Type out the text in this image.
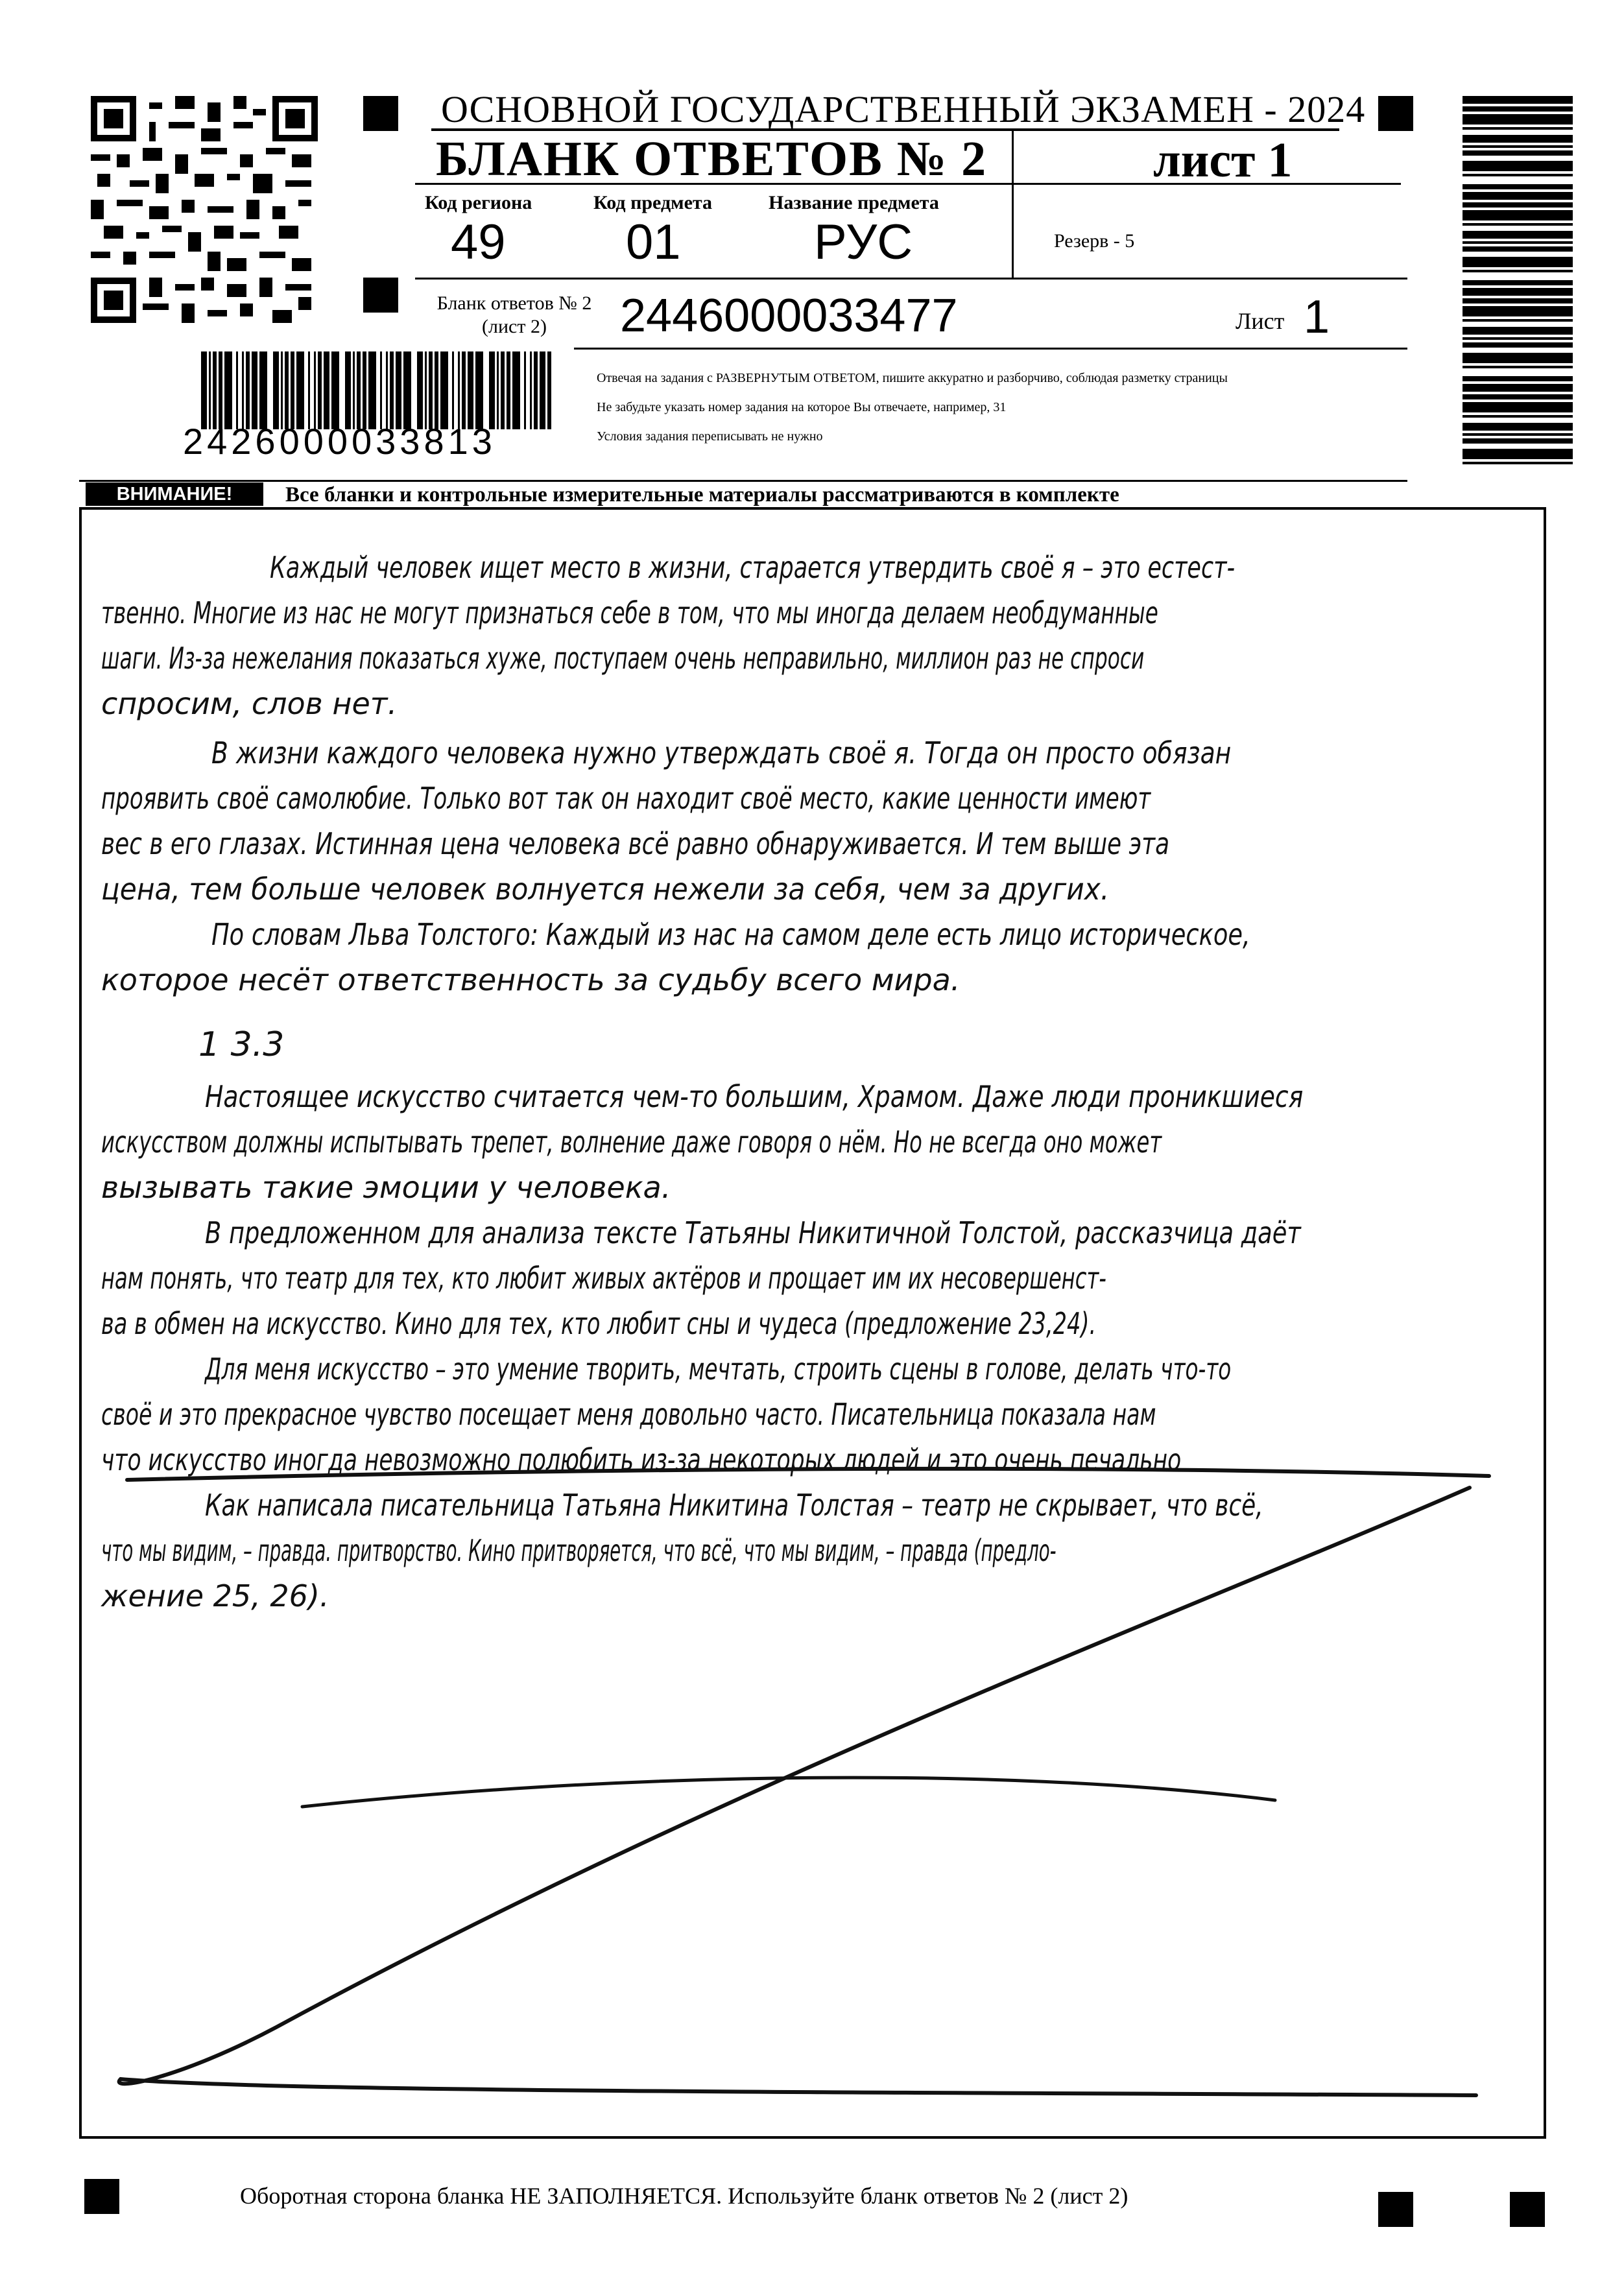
ОСНОВНОЙ ГОСУДАРСТВЕННЫЙ ЭКЗАМЕН - 2024
БЛАНК ОТВЕТОВ № 2	лист 1
Код региона
49
Код предмета
01
Название предмета
РУС	Резерв - 5
Бланк ответов № 2
(лист 2)	2446000033477	Лист 1
Отвечая на задания с РАЗВЕРНУТЫМ ОТВЕТОМ, пишите аккуратно и разборчиво, соблюдая разметку страницы
Не забудьте указать номер задания на которое Вы отвечаете, например, 31
Условия задания переписывать не нужно
2426000033813
ВНИМАНИЕ!	Все бланки и контрольные измерительные материалы рассматриваются в комплекте
Каждый человек ищет место в жизни, старается утвердить своё я – это естест-
твенно. Многие из нас не могут признаться себе в том, что мы иногда делаем необдуманные
шаги. Из-за нежелания показаться хуже, поступаем очень неправильно, миллион раз не спроси
спросим, слов нет.
В жизни каждого человека нужно утверждать своё я. Тогда он просто обязан
проявить своё самолюбие. Только вот так он находит своё место, какие ценности имеют
вес в его глазах. Истинная цена человека всё равно обнаруживается. И тем выше эта
цена, тем больше человек волнуется нежели за себя, чем за других.
По словам Льва Толстого: Каждый из нас на самом деле есть лицо историческое,
которое несёт ответственность за судьбу всего мира.
1 3.3
Настоящее искусство считается чем-то большим, Храмом. Даже люди проникшиеся
искусством должны испытывать трепет, волнение даже говоря о нём. Но не всегда оно может
вызывать такие эмоции у человека.
В предложенном для анализа тексте Татьяны Никитичной Толстой, рассказчица даёт
нам понять, что театр для тех, кто любит живых актёров и прощает им их несовершенст-
ва в обмен на искусство. Кино для тех, кто любит сны и чудеса (предложение 23,24).
Для меня искусство – это умение творить, мечтать, строить сцены в голове, делать что-то
своё и это прекрасное чувство посещает меня довольно часто. Писательница показала нам
что искусство иногда невозможно полюбить из-за некоторых людей и это очень печально
Как написала писательница Татьяна Никитина Толстая – театр не скрывает, что всё,
что мы видим, – правда. притворство. Кино притворяется, что всё, что мы видим, – правда (предло-
жение 25, 26).
Оборотная сторона бланка НЕ ЗАПОЛНЯЕТСЯ. Используйте бланк ответов № 2 (лист 2)
